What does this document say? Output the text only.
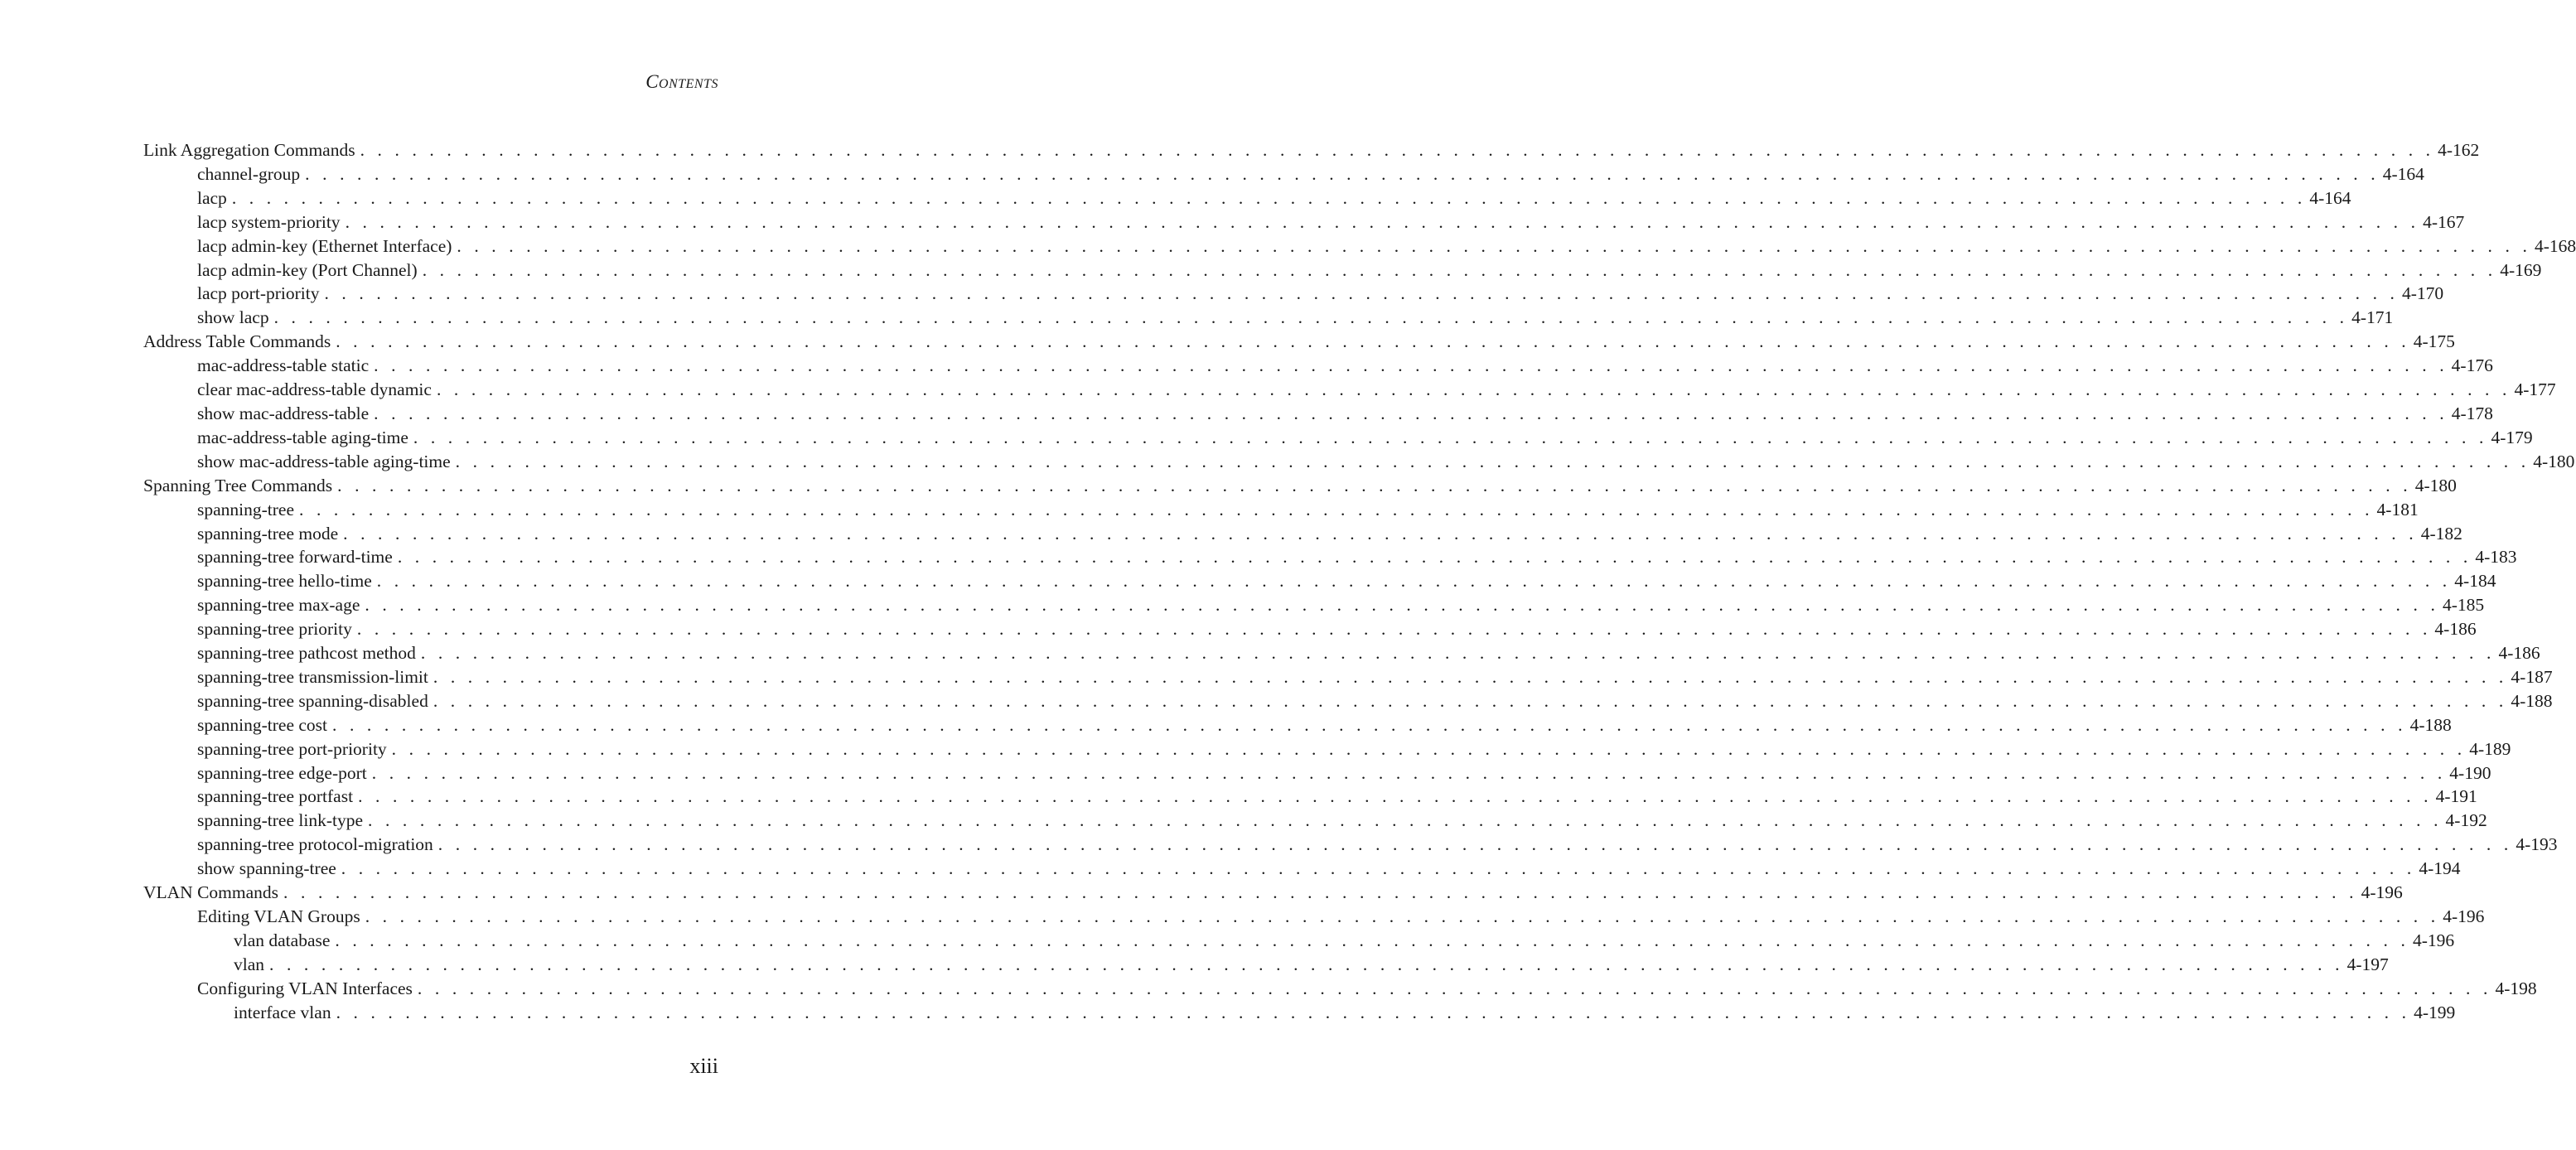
Contents
Link Aggregation Commands . . . . . . . . . . . . . . . . . . . . . . . . . . . . . . . . . . . . . . . . . . . . . . . . . . . . . . . . . . . . . . . . . . . . . . . . . . . . . . . . . . . . . . . . . . . . . . . . . . . . . . . . . . . . . . . . . . . . . . . . 4-162
channel-group . . . . . . . . . . . . . . . . . . . . . . . . . . . . . . . . . . . . . . . . . . . . . . . . . . . . . . . . . . . . . . . . . . . . . . . . . . . . . . . . . . . . . . . . . . . . . . . . . . . . . . . . . . . . . . . . . . . . . . . . 4-164
lacp . . . . . . . . . . . . . . . . . . . . . . . . . . . . . . . . . . . . . . . . . . . . . . . . . . . . . . . . . . . . . . . . . . . . . . . . . . . . . . . . . . . . . . . . . . . . . . . . . . . . . . . . . . . . . . . . . . . . . . . . 4-164
lacp system-priority . . . . . . . . . . . . . . . . . . . . . . . . . . . . . . . . . . . . . . . . . . . . . . . . . . . . . . . . . . . . . . . . . . . . . . . . . . . . . . . . . . . . . . . . . . . . . . . . . . . . . . . . . . . . . . . . . . . . . . . . 4-167
lacp admin-key (Ethernet Interface) . . . . . . . . . . . . . . . . . . . . . . . . . . . . . . . . . . . . . . . . . . . . . . . . . . . . . . . . . . . . . . . . . . . . . . . . . . . . . . . . . . . . . . . . . . . . . . . . . . . . . . . . . . . . . . . . . . . . . . . . 4-168
lacp admin-key (Port Channel) . . . . . . . . . . . . . . . . . . . . . . . . . . . . . . . . . . . . . . . . . . . . . . . . . . . . . . . . . . . . . . . . . . . . . . . . . . . . . . . . . . . . . . . . . . . . . . . . . . . . . . . . . . . . . . . . . . . . . . . . 4-169
lacp port-priority . . . . . . . . . . . . . . . . . . . . . . . . . . . . . . . . . . . . . . . . . . . . . . . . . . . . . . . . . . . . . . . . . . . . . . . . . . . . . . . . . . . . . . . . . . . . . . . . . . . . . . . . . . . . . . . . . . . . . . . . 4-170
show lacp . . . . . . . . . . . . . . . . . . . . . . . . . . . . . . . . . . . . . . . . . . . . . . . . . . . . . . . . . . . . . . . . . . . . . . . . . . . . . . . . . . . . . . . . . . . . . . . . . . . . . . . . . . . . . . . . . . . . . . . . 4-171
Address Table Commands . . . . . . . . . . . . . . . . . . . . . . . . . . . . . . . . . . . . . . . . . . . . . . . . . . . . . . . . . . . . . . . . . . . . . . . . . . . . . . . . . . . . . . . . . . . . . . . . . . . . . . . . . . . . . . . . . . . . . . . . 4-175
mac-address-table static . . . . . . . . . . . . . . . . . . . . . . . . . . . . . . . . . . . . . . . . . . . . . . . . . . . . . . . . . . . . . . . . . . . . . . . . . . . . . . . . . . . . . . . . . . . . . . . . . . . . . . . . . . . . . . . . . . . . . . . . 4-176
clear mac-address-table dynamic . . . . . . . . . . . . . . . . . . . . . . . . . . . . . . . . . . . . . . . . . . . . . . . . . . . . . . . . . . . . . . . . . . . . . . . . . . . . . . . . . . . . . . . . . . . . . . . . . . . . . . . . . . . . . . . . . . . . . . . . 4-177
show mac-address-table . . . . . . . . . . . . . . . . . . . . . . . . . . . . . . . . . . . . . . . . . . . . . . . . . . . . . . . . . . . . . . . . . . . . . . . . . . . . . . . . . . . . . . . . . . . . . . . . . . . . . . . . . . . . . . . . . . . . . . . . 4-178
mac-address-table aging-time . . . . . . . . . . . . . . . . . . . . . . . . . . . . . . . . . . . . . . . . . . . . . . . . . . . . . . . . . . . . . . . . . . . . . . . . . . . . . . . . . . . . . . . . . . . . . . . . . . . . . . . . . . . . . . . . . . . . . . . . 4-179
show mac-address-table aging-time . . . . . . . . . . . . . . . . . . . . . . . . . . . . . . . . . . . . . . . . . . . . . . . . . . . . . . . . . . . . . . . . . . . . . . . . . . . . . . . . . . . . . . . . . . . . . . . . . . . . . . . . . . . . . . . . . . . . . . . . 4-180
Spanning Tree Commands . . . . . . . . . . . . . . . . . . . . . . . . . . . . . . . . . . . . . . . . . . . . . . . . . . . . . . . . . . . . . . . . . . . . . . . . . . . . . . . . . . . . . . . . . . . . . . . . . . . . . . . . . . . . . . . . . . . . . . . . 4-180
spanning-tree . . . . . . . . . . . . . . . . . . . . . . . . . . . . . . . . . . . . . . . . . . . . . . . . . . . . . . . . . . . . . . . . . . . . . . . . . . . . . . . . . . . . . . . . . . . . . . . . . . . . . . . . . . . . . . . . . . . . . . . . 4-181
spanning-tree mode . . . . . . . . . . . . . . . . . . . . . . . . . . . . . . . . . . . . . . . . . . . . . . . . . . . . . . . . . . . . . . . . . . . . . . . . . . . . . . . . . . . . . . . . . . . . . . . . . . . . . . . . . . . . . . . . . . . . . . . . 4-182
spanning-tree forward-time . . . . . . . . . . . . . . . . . . . . . . . . . . . . . . . . . . . . . . . . . . . . . . . . . . . . . . . . . . . . . . . . . . . . . . . . . . . . . . . . . . . . . . . . . . . . . . . . . . . . . . . . . . . . . . . . . . . . . . . . 4-183
spanning-tree hello-time . . . . . . . . . . . . . . . . . . . . . . . . . . . . . . . . . . . . . . . . . . . . . . . . . . . . . . . . . . . . . . . . . . . . . . . . . . . . . . . . . . . . . . . . . . . . . . . . . . . . . . . . . . . . . . . . . . . . . . . . 4-184
spanning-tree max-age . . . . . . . . . . . . . . . . . . . . . . . . . . . . . . . . . . . . . . . . . . . . . . . . . . . . . . . . . . . . . . . . . . . . . . . . . . . . . . . . . . . . . . . . . . . . . . . . . . . . . . . . . . . . . . . . . . . . . . . . 4-185
spanning-tree priority . . . . . . . . . . . . . . . . . . . . . . . . . . . . . . . . . . . . . . . . . . . . . . . . . . . . . . . . . . . . . . . . . . . . . . . . . . . . . . . . . . . . . . . . . . . . . . . . . . . . . . . . . . . . . . . . . . . . . . . . 4-186
spanning-tree pathcost method . . . . . . . . . . . . . . . . . . . . . . . . . . . . . . . . . . . . . . . . . . . . . . . . . . . . . . . . . . . . . . . . . . . . . . . . . . . . . . . . . . . . . . . . . . . . . . . . . . . . . . . . . . . . . . . . . . . . . . . . 4-186
spanning-tree transmission-limit . . . . . . . . . . . . . . . . . . . . . . . . . . . . . . . . . . . . . . . . . . . . . . . . . . . . . . . . . . . . . . . . . . . . . . . . . . . . . . . . . . . . . . . . . . . . . . . . . . . . . . . . . . . . . . . . . . . . . . . . 4-187
spanning-tree spanning-disabled . . . . . . . . . . . . . . . . . . . . . . . . . . . . . . . . . . . . . . . . . . . . . . . . . . . . . . . . . . . . . . . . . . . . . . . . . . . . . . . . . . . . . . . . . . . . . . . . . . . . . . . . . . . . . . . . . . . . . . . . 4-188
spanning-tree cost . . . . . . . . . . . . . . . . . . . . . . . . . . . . . . . . . . . . . . . . . . . . . . . . . . . . . . . . . . . . . . . . . . . . . . . . . . . . . . . . . . . . . . . . . . . . . . . . . . . . . . . . . . . . . . . . . . . . . . . . 4-188
spanning-tree port-priority . . . . . . . . . . . . . . . . . . . . . . . . . . . . . . . . . . . . . . . . . . . . . . . . . . . . . . . . . . . . . . . . . . . . . . . . . . . . . . . . . . . . . . . . . . . . . . . . . . . . . . . . . . . . . . . . . . . . . . . . 4-189
spanning-tree edge-port . . . . . . . . . . . . . . . . . . . . . . . . . . . . . . . . . . . . . . . . . . . . . . . . . . . . . . . . . . . . . . . . . . . . . . . . . . . . . . . . . . . . . . . . . . . . . . . . . . . . . . . . . . . . . . . . . . . . . . . . 4-190
spanning-tree portfast . . . . . . . . . . . . . . . . . . . . . . . . . . . . . . . . . . . . . . . . . . . . . . . . . . . . . . . . . . . . . . . . . . . . . . . . . . . . . . . . . . . . . . . . . . . . . . . . . . . . . . . . . . . . . . . . . . . . . . . . 4-191
spanning-tree link-type . . . . . . . . . . . . . . . . . . . . . . . . . . . . . . . . . . . . . . . . . . . . . . . . . . . . . . . . . . . . . . . . . . . . . . . . . . . . . . . . . . . . . . . . . . . . . . . . . . . . . . . . . . . . . . . . . . . . . . . . 4-192
spanning-tree protocol-migration . . . . . . . . . . . . . . . . . . . . . . . . . . . . . . . . . . . . . . . . . . . . . . . . . . . . . . . . . . . . . . . . . . . . . . . . . . . . . . . . . . . . . . . . . . . . . . . . . . . . . . . . . . . . . . . . . . . . . . . . 4-193
show spanning-tree . . . . . . . . . . . . . . . . . . . . . . . . . . . . . . . . . . . . . . . . . . . . . . . . . . . . . . . . . . . . . . . . . . . . . . . . . . . . . . . . . . . . . . . . . . . . . . . . . . . . . . . . . . . . . . . . . . . . . . . . 4-194
VLAN Commands . . . . . . . . . . . . . . . . . . . . . . . . . . . . . . . . . . . . . . . . . . . . . . . . . . . . . . . . . . . . . . . . . . . . . . . . . . . . . . . . . . . . . . . . . . . . . . . . . . . . . . . . . . . . . . . . . . . . . . . . 4-196
Editing VLAN Groups . . . . . . . . . . . . . . . . . . . . . . . . . . . . . . . . . . . . . . . . . . . . . . . . . . . . . . . . . . . . . . . . . . . . . . . . . . . . . . . . . . . . . . . . . . . . . . . . . . . . . . . . . . . . . . . . . . . . . . . . 4-196
vlan database . . . . . . . . . . . . . . . . . . . . . . . . . . . . . . . . . . . . . . . . . . . . . . . . . . . . . . . . . . . . . . . . . . . . . . . . . . . . . . . . . . . . . . . . . . . . . . . . . . . . . . . . . . . . . . . . . . . . . . . . 4-196
vlan . . . . . . . . . . . . . . . . . . . . . . . . . . . . . . . . . . . . . . . . . . . . . . . . . . . . . . . . . . . . . . . . . . . . . . . . . . . . . . . . . . . . . . . . . . . . . . . . . . . . . . . . . . . . . . . . . . . . . . . . 4-197
Configuring VLAN Interfaces . . . . . . . . . . . . . . . . . . . . . . . . . . . . . . . . . . . . . . . . . . . . . . . . . . . . . . . . . . . . . . . . . . . . . . . . . . . . . . . . . . . . . . . . . . . . . . . . . . . . . . . . . . . . . . . . . . . . . . . . 4-198
interface vlan . . . . . . . . . . . . . . . . . . . . . . . . . . . . . . . . . . . . . . . . . . . . . . . . . . . . . . . . . . . . . . . . . . . . . . . . . . . . . . . . . . . . . . . . . . . . . . . . . . . . . . . . . . . . . . . . . . . . . . . . 4-199
xiii
